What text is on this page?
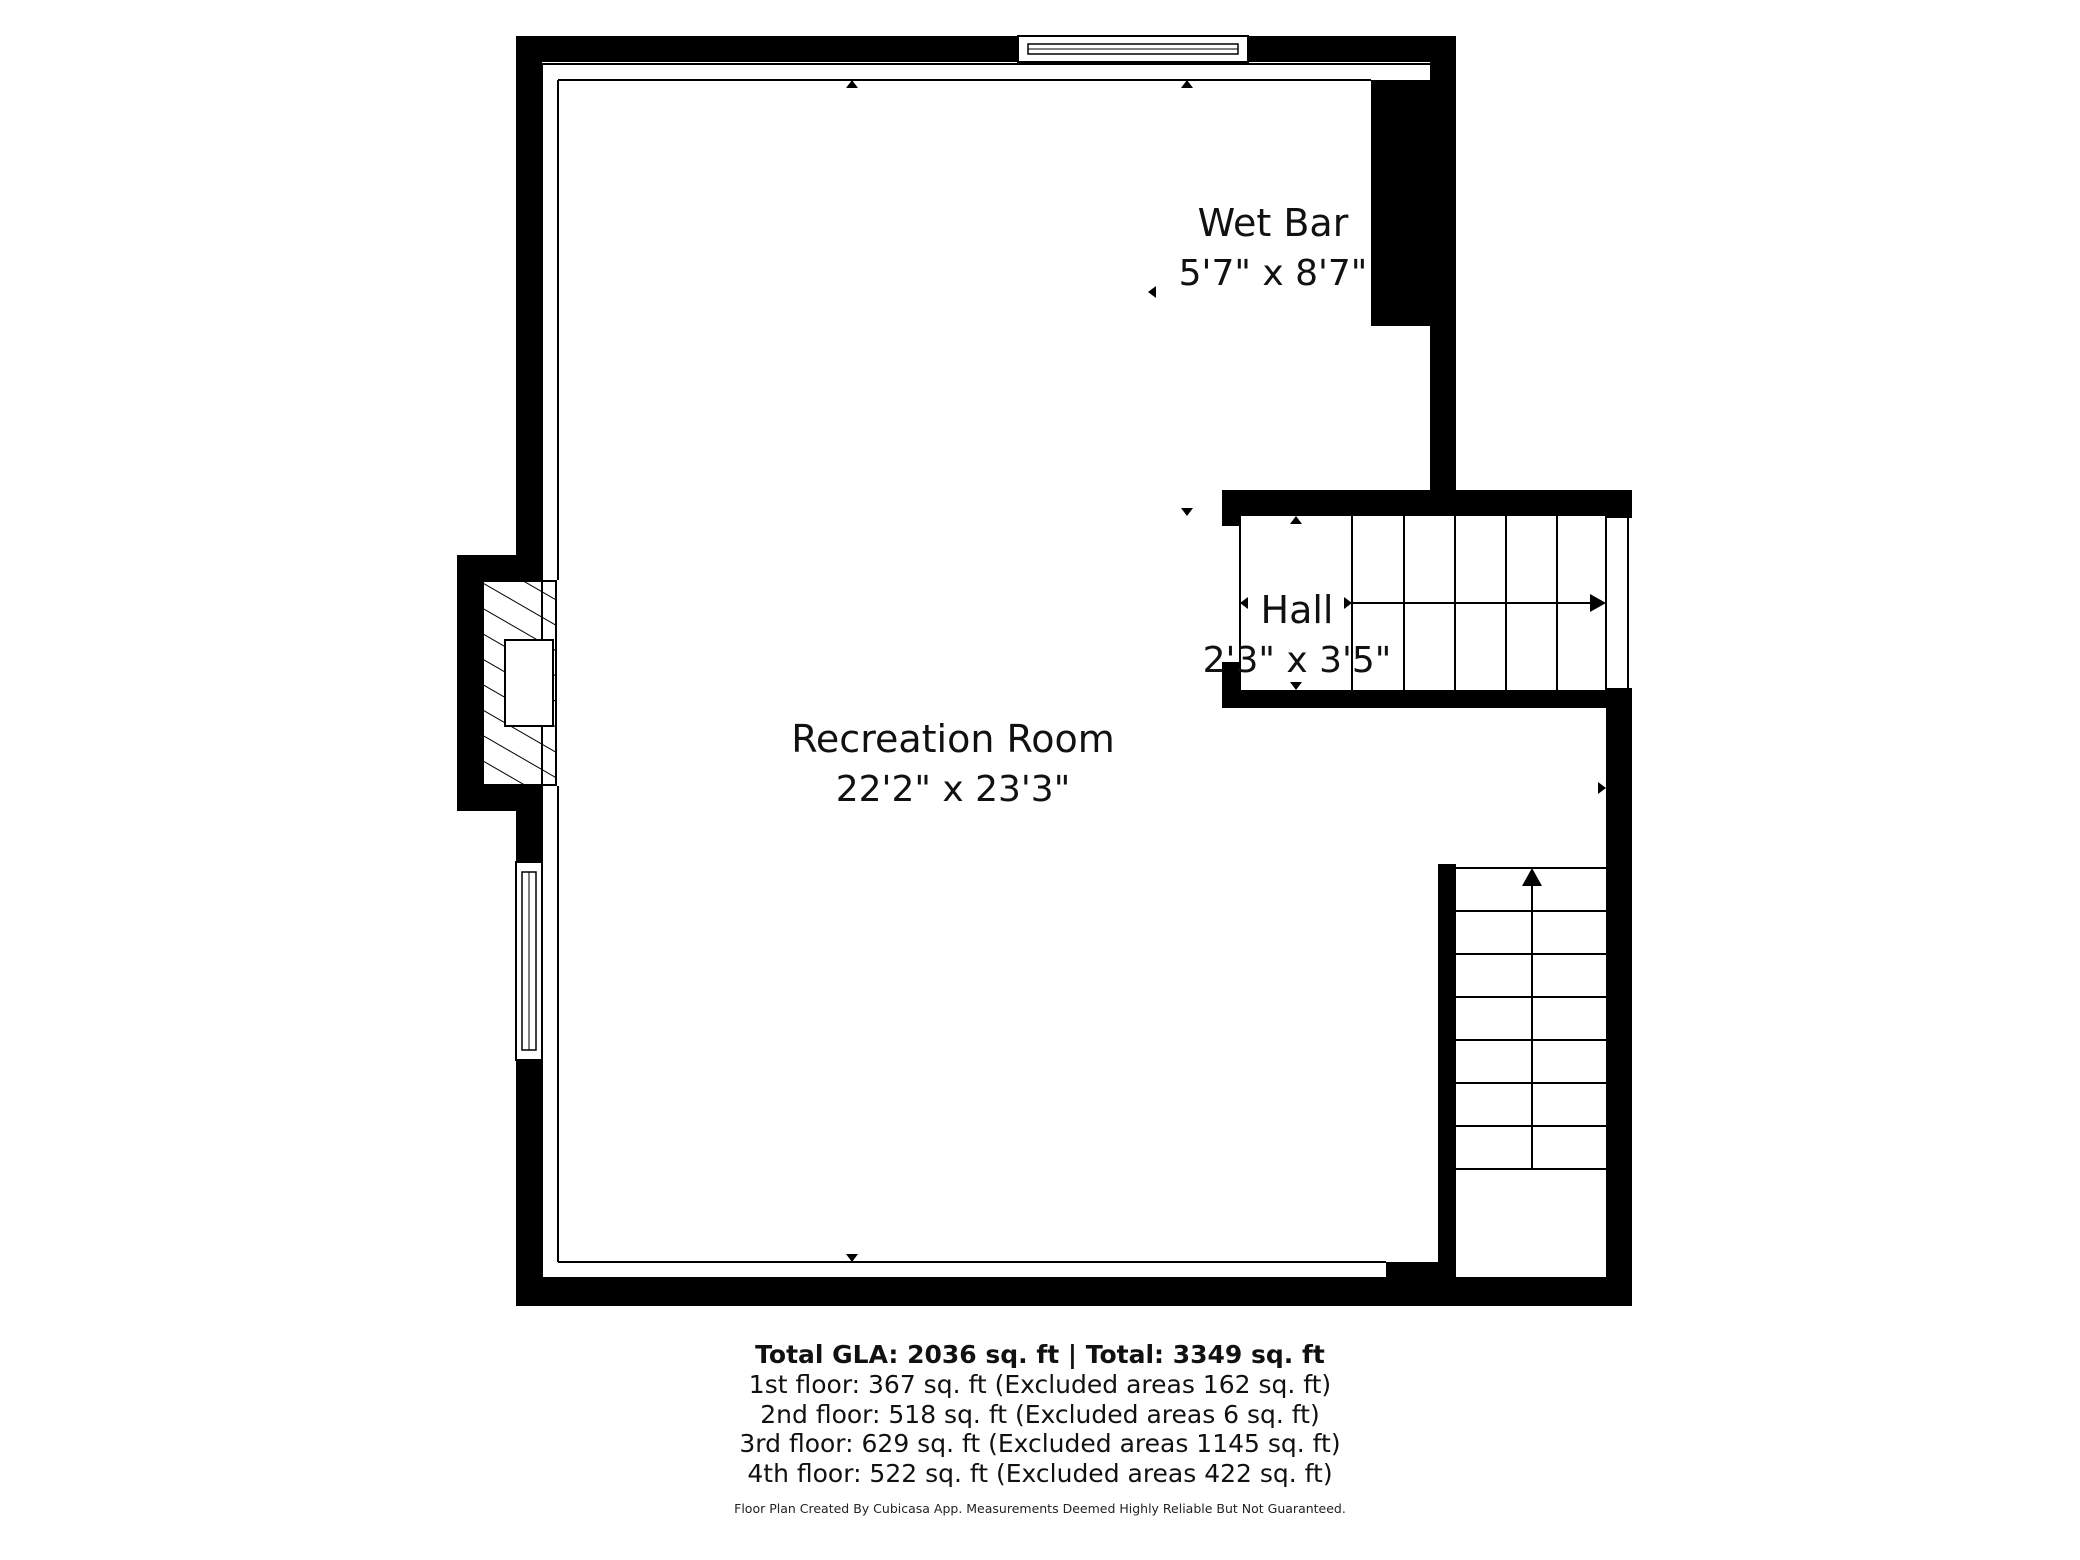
Wet Bar
5'7" x 8'7"
Hall
2'3" x 3'5"
Recreation Room
22'2" x 23'3"
Total GLA: 2036 sq. ft | Total: 3349 sq. ft
1st floor: 367 sq. ft (Excluded areas 162 sq. ft)
2nd floor: 518 sq. ft (Excluded areas 6 sq. ft)
3rd floor: 629 sq. ft (Excluded areas 1145 sq. ft)
4th floor: 522 sq. ft (Excluded areas 422 sq. ft)
Floor Plan Created By Cubicasa App. Measurements Deemed Highly Reliable But Not Guaranteed.
